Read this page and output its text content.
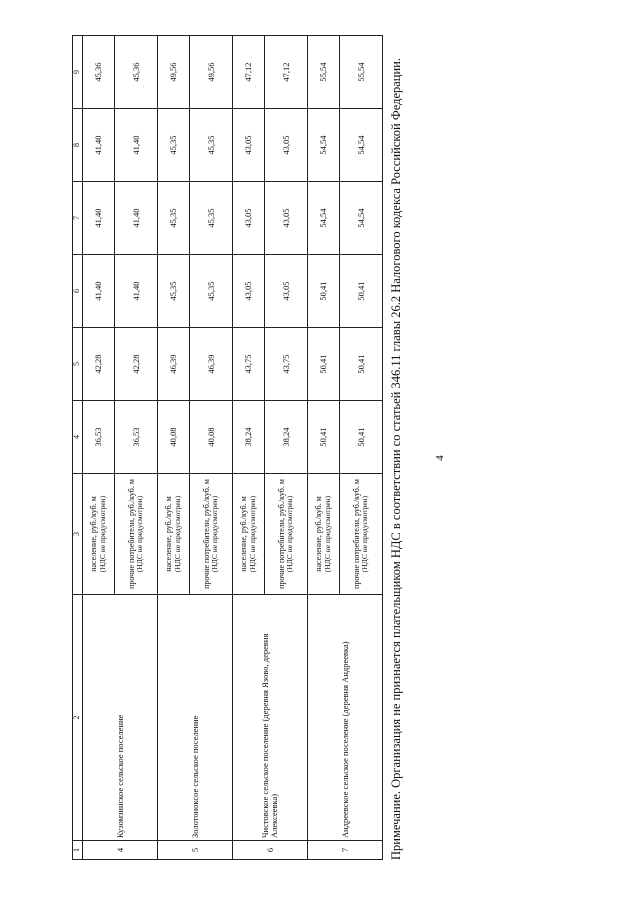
4
1	2	3	4	5	6	7	8	9
4	Кузомзинское сельское поселение	население, руб./куб. м (НДС не предусмотрен)	36,53	42,28	41,40	41,40	41,40	45,36
		прочие потребители, руб./куб. м (НДС не предусмотрен)	36,53	42,28	41,40	41,40	41,40	45,36
5	Золотоноксое сельское поселение	население, руб./куб. м (НДС не предусмотрен)	40,08	46,39	45,35	45,35	45,35	49,56
		прочие потребители, руб./куб. м (НДС не предусмотрен)	40,08	46,39	45,35	45,35	45,35	49,56
6	Чистовское сельское поселение (деревня Язово, деревня Алексеевка)	население, руб./куб. м (НДС не предусмотрен)	38,24	43,75	43,05	43,05	43,05	47,12
		прочие потребители, руб./куб. м (НДС не предусмотрен)	38,24	43,75	43,05	43,05	43,05	47,12
7	Андреевское сельское поселение (деревня Андреевка)	население, руб./куб. м (НДС не предусмотрен)	50,41	50,41	50,41	54,54	54,54	55,54
		прочие потребители, руб./куб. м (НДС не предусмотрен)	50,41	50,41	50,41	54,54	54,54	55,54 Примечание. Организация не признается плательщиком НДС в соответствии со статьей 346.11 главы 26.2 Налогового кодекса Российской Федерации.
